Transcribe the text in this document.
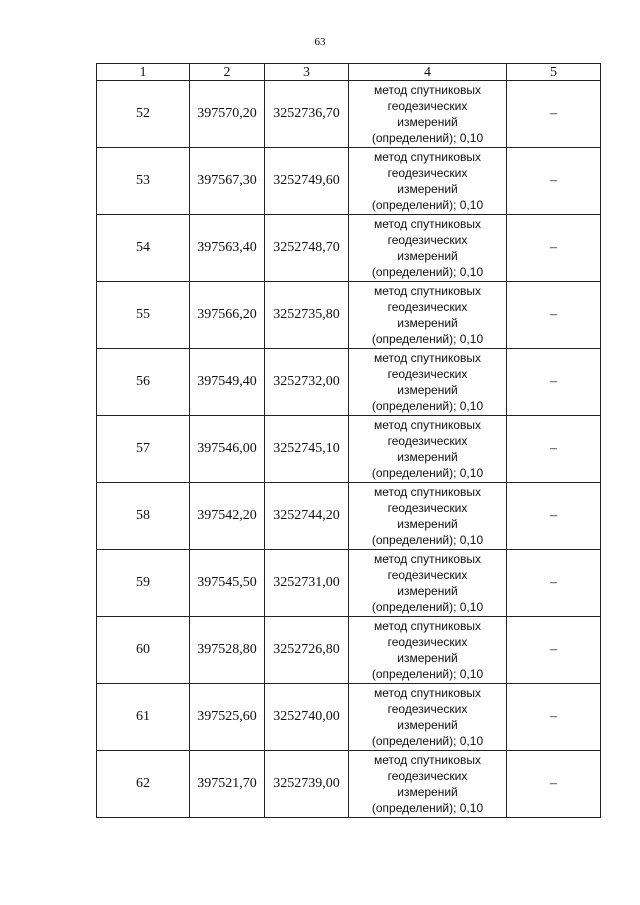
63
1	2	3	4	5
52	397570,20	3252736,70	метод спутниковых
геодезических
измерений
(определений); 0,10	–
53	397567,30	3252749,60	метод спутниковых
геодезических
измерений
(определений); 0,10	–
54	397563,40	3252748,70	метод спутниковых
геодезических
измерений
(определений); 0,10	–
55	397566,20	3252735,80	метод спутниковых
геодезических
измерений
(определений); 0,10	–
56	397549,40	3252732,00	метод спутниковых
геодезических
измерений
(определений); 0,10	–
57	397546,00	3252745,10	метод спутниковых
геодезических
измерений
(определений); 0,10	–
58	397542,20	3252744,20	метод спутниковых
геодезических
измерений
(определений); 0,10	–
59	397545,50	3252731,00	метод спутниковых
геодезических
измерений
(определений); 0,10	–
60	397528,80	3252726,80	метод спутниковых
геодезических
измерений
(определений); 0,10	–
61	397525,60	3252740,00	метод спутниковых
геодезических
измерений
(определений); 0,10	–
62	397521,70	3252739,00	метод спутниковых
геодезических
измерений
(определений); 0,10	–
